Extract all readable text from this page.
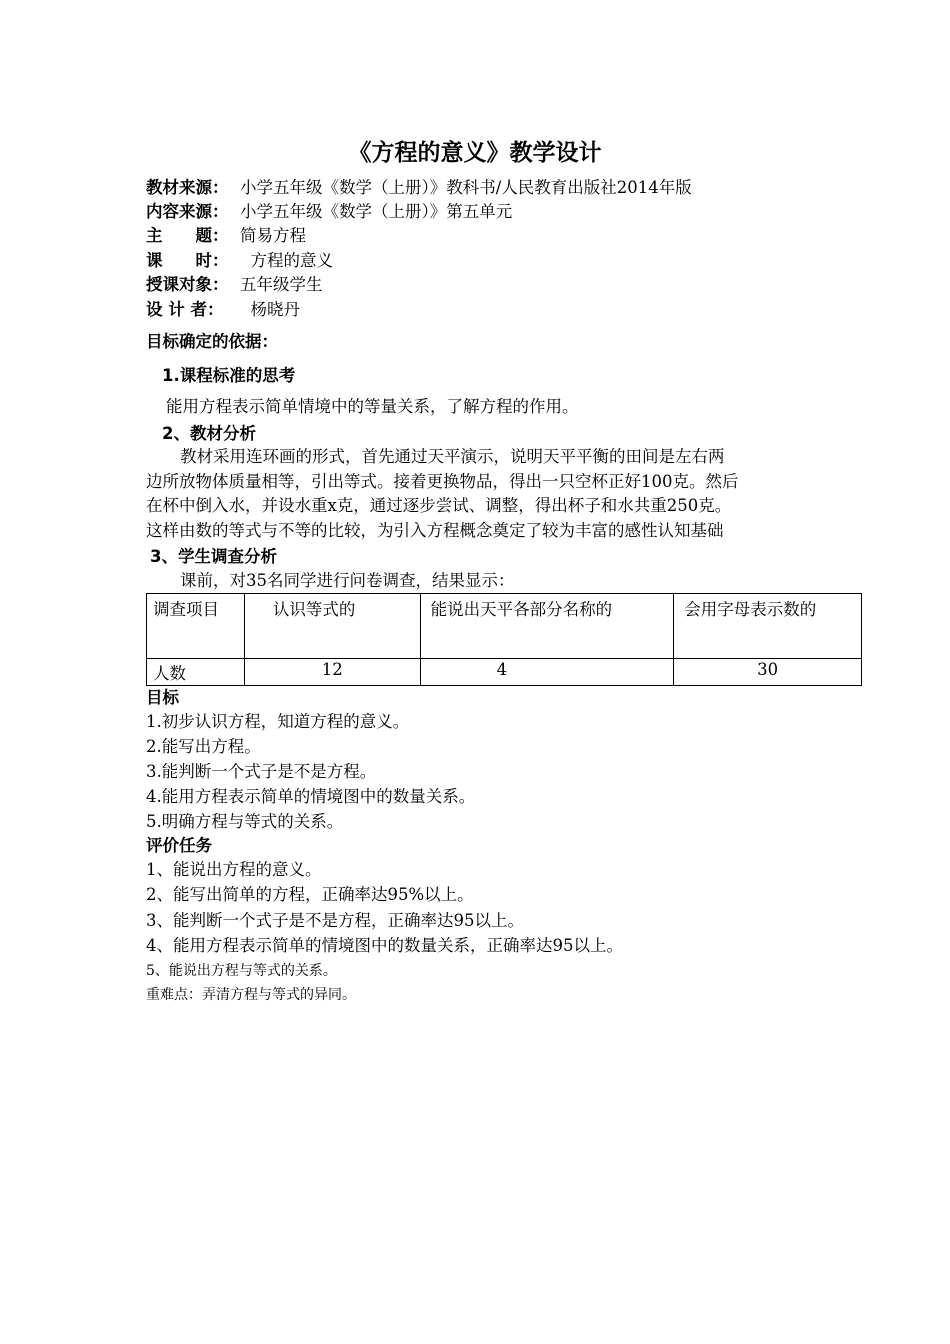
《方程的意义》教学设计
教材来源： 小学五年级《数学（上册）》教科书/人民教育出版社2014年版
内容来源： 小学五年级《数学（上册）》第五单元
主　　题： 简易方程
课　　时：  方程的意义
授课对象： 五年级学生
设 计 者：  杨晓丹
目标确定的依据：
1.课程标准的思考
能用方程表示简单情境中的等量关系，了解方程的作用。
2、教材分析
教材采用连环画的形式，首先通过天平演示，说明天平平衡的田间是左右两
边所放物体质量相等，引出等式。接着更换物品，得出一只空杯正好100克。然后
在杯中倒入水，并设水重x克，通过逐步尝试、调整，得出杯子和水共重250克。
这样由数的等式与不等的比较，为引入方程概念奠定了较为丰富的感性认知基础
3、学生调查分析
课前，对35名同学进行问卷调查，结果显示：
调查项目	认识等式的	能说出天平各部分名称的	会用字母表示数的
人数	12	4	30
目标
1.初步认识方程，知道方程的意义。
2.能写出方程。
3.能判断一个式子是不是方程。
4.能用方程表示简单的情境图中的数量关系。
5.明确方程与等式的关系。
评价任务
1、能说出方程的意义。
2、能写出简单的方程，正确率达95%以上。
3、能判断一个式子是不是方程，正确率达95以上。
4、能用方程表示简单的情境图中的数量关系，正确率达95以上。
5、能说出方程与等式的关系。
重难点：弄清方程与等式的异同。
